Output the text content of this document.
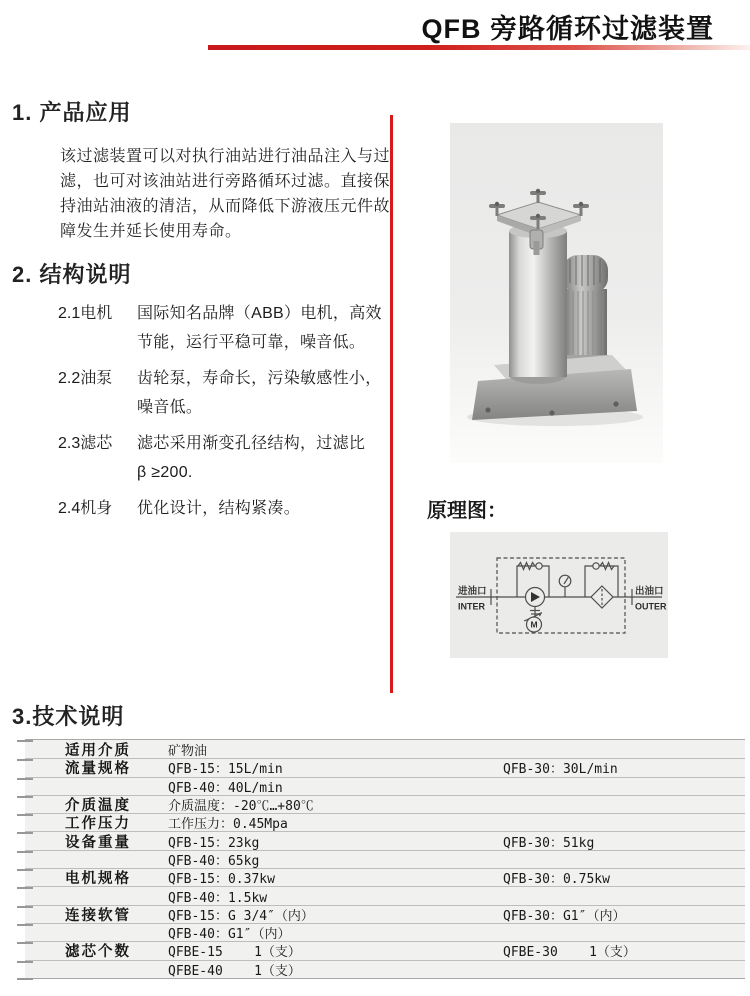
QFB 旁路循环过滤装置
1. 产品应用
该过滤装置可以对执行油站进行油品注入与过
滤，也可对该油站进行旁路循环过滤。直接保
持油站油液的清洁，从而降低下游液压元件故
障发生并延长使用寿命。
2. 结构说明
2.1电机	国际知名品牌（ABB）电机，高效
节能，运行平稳可靠，噪音低。
2.2油泵	齿轮泵，寿命长，污染敏感性小，
噪音低。
2.3滤芯	滤芯采用渐变孔径结构，过滤比
β ≥200.
2.4机身	优化设计，结构紧凑。	原理图：
进油口
INTER
出油口
OUTER
M
3.技术说明
适用介质	矿物油
流量规格	QFB-15：15L/min	QFB-30：30L/min
QFB-40：40L/min
介质温度	介质温度：-20℃…+80℃
工作压力	工作压力：0.45Mpa
设备重量	QFB-15：23kg	QFB-30：51kg
QFB-40：65kg
电机规格	QFB-15：0.37kw	QFB-30：0.75kw
QFB-40：1.5kw
连接软管	QFB-15：G 3/4″（内）	QFB-30：G1″（内）
QFB-40：G1″（内）
滤芯个数	QFBE-15    1（支）	QFBE-30    1（支）
QFBE-40    1（支）
